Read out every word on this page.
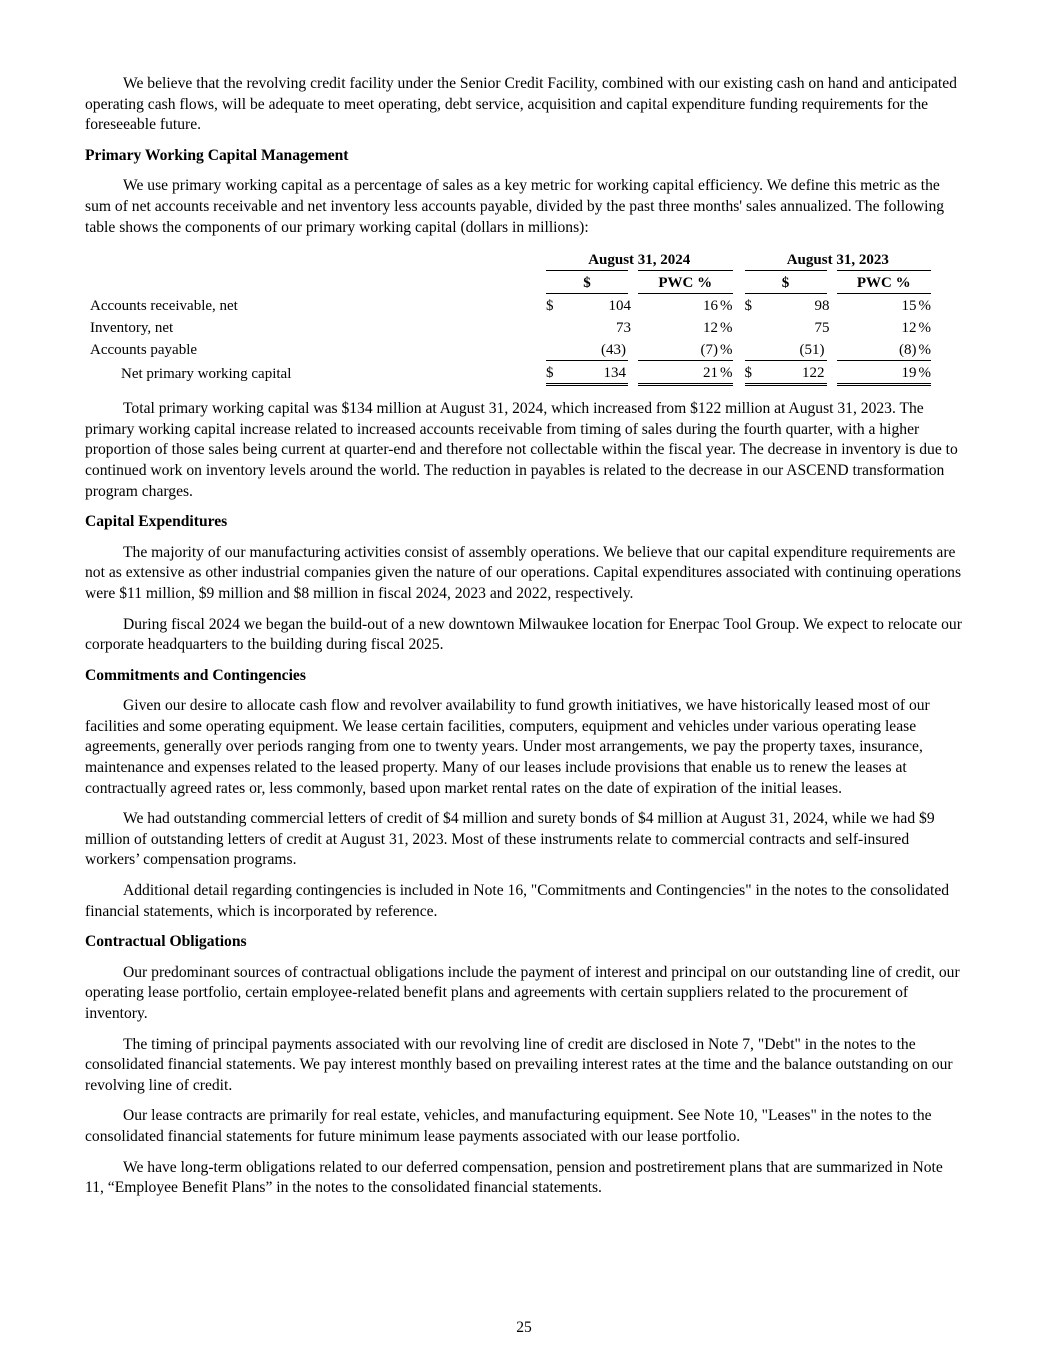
We believe that the revolving credit facility under the Senior Credit Facility, combined with our existing cash on hand and anticipated operating cash flows, will be adequate to meet operating, debt service, acquisition and capital expenditure funding requirements for the foreseeable future.

Primary Working Capital Management

We use primary working capital as a percentage of sales as a key metric for working capital efficiency. We define this metric as the sum of net accounts receivable and net inventory less accounts payable, divided by the past three months' sales annualized. The following table shows the components of our primary working capital (dollars in millions):

	August 31, 2024					August 31, 2023			
	$		PWC %			$		PWC %	
Accounts receivable, net	$	104	16	%		$	98	15	%
Inventory, net		73	12	%			75	12	%
Accounts payable		(43)	(7)	%			(51)	(8)	%
Net primary working capital	$	134	21	%		$	122	19	%

Total primary working capital was $134 million at August 31, 2024, which increased from $122 million at August 31, 2023. The primary working capital increase related to increased accounts receivable from timing of sales during the fourth quarter, with a higher proportion of those sales being current at quarter-end and therefore not collectable within the fiscal year. The decrease in inventory is due to continued work on inventory levels around the world. The reduction in payables is related to the decrease in our ASCEND transformation program charges.

Capital Expenditures

The majority of our manufacturing activities consist of assembly operations. We believe that our capital expenditure requirements are not as extensive as other industrial companies given the nature of our operations. Capital expenditures associated with continuing operations were $11 million, $9 million and $8 million in fiscal 2024, 2023 and 2022, respectively.

During fiscal 2024 we began the build-out of a new downtown Milwaukee location for Enerpac Tool Group. We expect to relocate our corporate headquarters to the building during fiscal 2025.

Commitments and Contingencies

Given our desire to allocate cash flow and revolver availability to fund growth initiatives, we have historically leased most of our facilities and some operating equipment. We lease certain facilities, computers, equipment and vehicles under various operating lease agreements, generally over periods ranging from one to twenty years. Under most arrangements, we pay the property taxes, insurance, maintenance and expenses related to the leased property. Many of our leases include provisions that enable us to renew the leases at contractually agreed rates or, less commonly, based upon market rental rates on the date of expiration of the initial leases.

We had outstanding commercial letters of credit of $4 million and surety bonds of $4 million at August 31, 2024, while we had $9 million of outstanding letters of credit at August 31, 2023. Most of these instruments relate to commercial contracts and self-insured workers’ compensation programs.

Additional detail regarding contingencies is included in Note 16, "Commitments and Contingencies" in the notes to the consolidated financial statements, which is incorporated by reference.

Contractual Obligations

Our predominant sources of contractual obligations include the payment of interest and principal on our outstanding line of credit, our operating lease portfolio, certain employee-related benefit plans and agreements with certain suppliers related to the procurement of inventory.

The timing of principal payments associated with our revolving line of credit are disclosed in Note 7, "Debt" in the notes to the consolidated financial statements. We pay interest monthly based on prevailing interest rates at the time and the balance outstanding on our revolving line of credit.

Our lease contracts are primarily for real estate, vehicles, and manufacturing equipment. See Note 10, "Leases" in the notes to the consolidated financial statements for future minimum lease payments associated with our lease portfolio.

We have long-term obligations related to our deferred compensation, pension and postretirement plans that are summarized in Note 11, “Employee Benefit Plans” in the notes to the consolidated financial statements.

25
